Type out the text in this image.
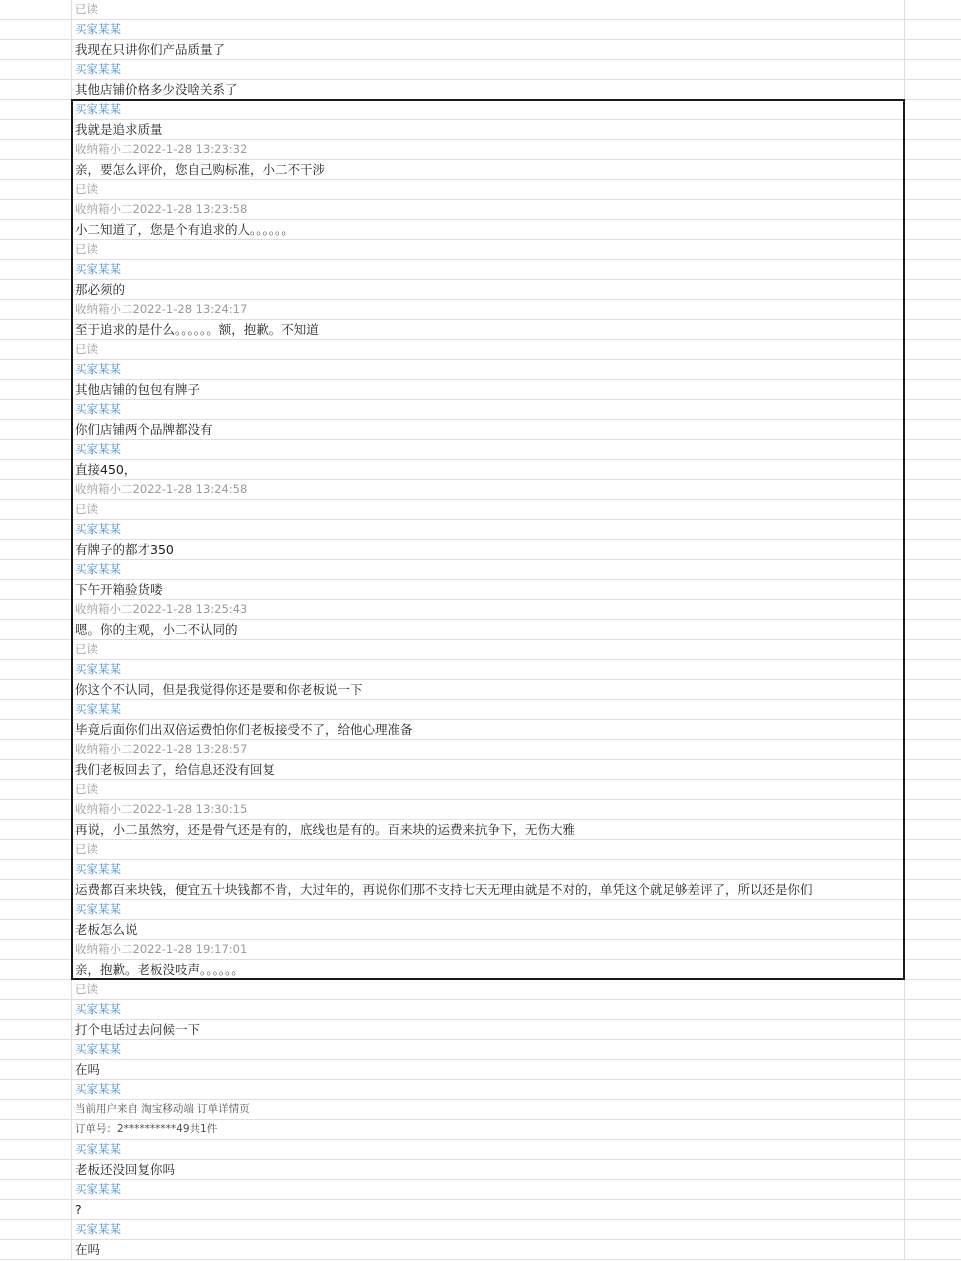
已读
买家某某
我现在只讲你们产品质量了
买家某某
其他店铺价格多少没啥关系了
买家某某
我就是追求质量
收纳箱小二2022-1-28 13:23:32
亲，要怎么评价，您自己购标准，小二不干涉
已读
收纳箱小二2022-1-28 13:23:58
小二知道了，您是个有追求的人。。。。。。
已读
买家某某
那必须的
收纳箱小二2022-1-28 13:24:17
至于追求的是什么。。。。。。额，抱歉。不知道
已读
买家某某
其他店铺的包包有牌子
买家某某
你们店铺两个品牌都没有
买家某某
直接450，
收纳箱小二2022-1-28 13:24:58
已读
买家某某
有牌子的都才350
买家某某
下午开箱验货喽
收纳箱小二2022-1-28 13:25:43
嗯。你的主观，小二不认同的
已读
买家某某
你这个不认同，但是我觉得你还是要和你老板说一下
买家某某
毕竟后面你们出双倍运费怕你们老板接受不了，给他心理准备
收纳箱小二2022-1-28 13:28:57
我们老板回去了，给信息还没有回复
已读
收纳箱小二2022-1-28 13:30:15
再说，小二虽然穷，还是骨气还是有的，底线也是有的。百来块的运费来抗争下，无伤大雅
已读
买家某某
运费都百来块钱，便宜五十块钱都不肯，大过年的，再说你们那不支持七天无理由就是不对的，单凭这个就足够差评了，所以还是你们
买家某某
老板怎么说
收纳箱小二2022-1-28 19:17:01
亲，抱歉。老板没吱声。。。。。。
已读
买家某某
打个电话过去问候一下
买家某某
在吗
买家某某
当前用户来自 淘宝移动端 订单详情页
订单号：2**********49共1件
买家某某
老板还没回复你吗
买家某某
?
买家某某
在吗
